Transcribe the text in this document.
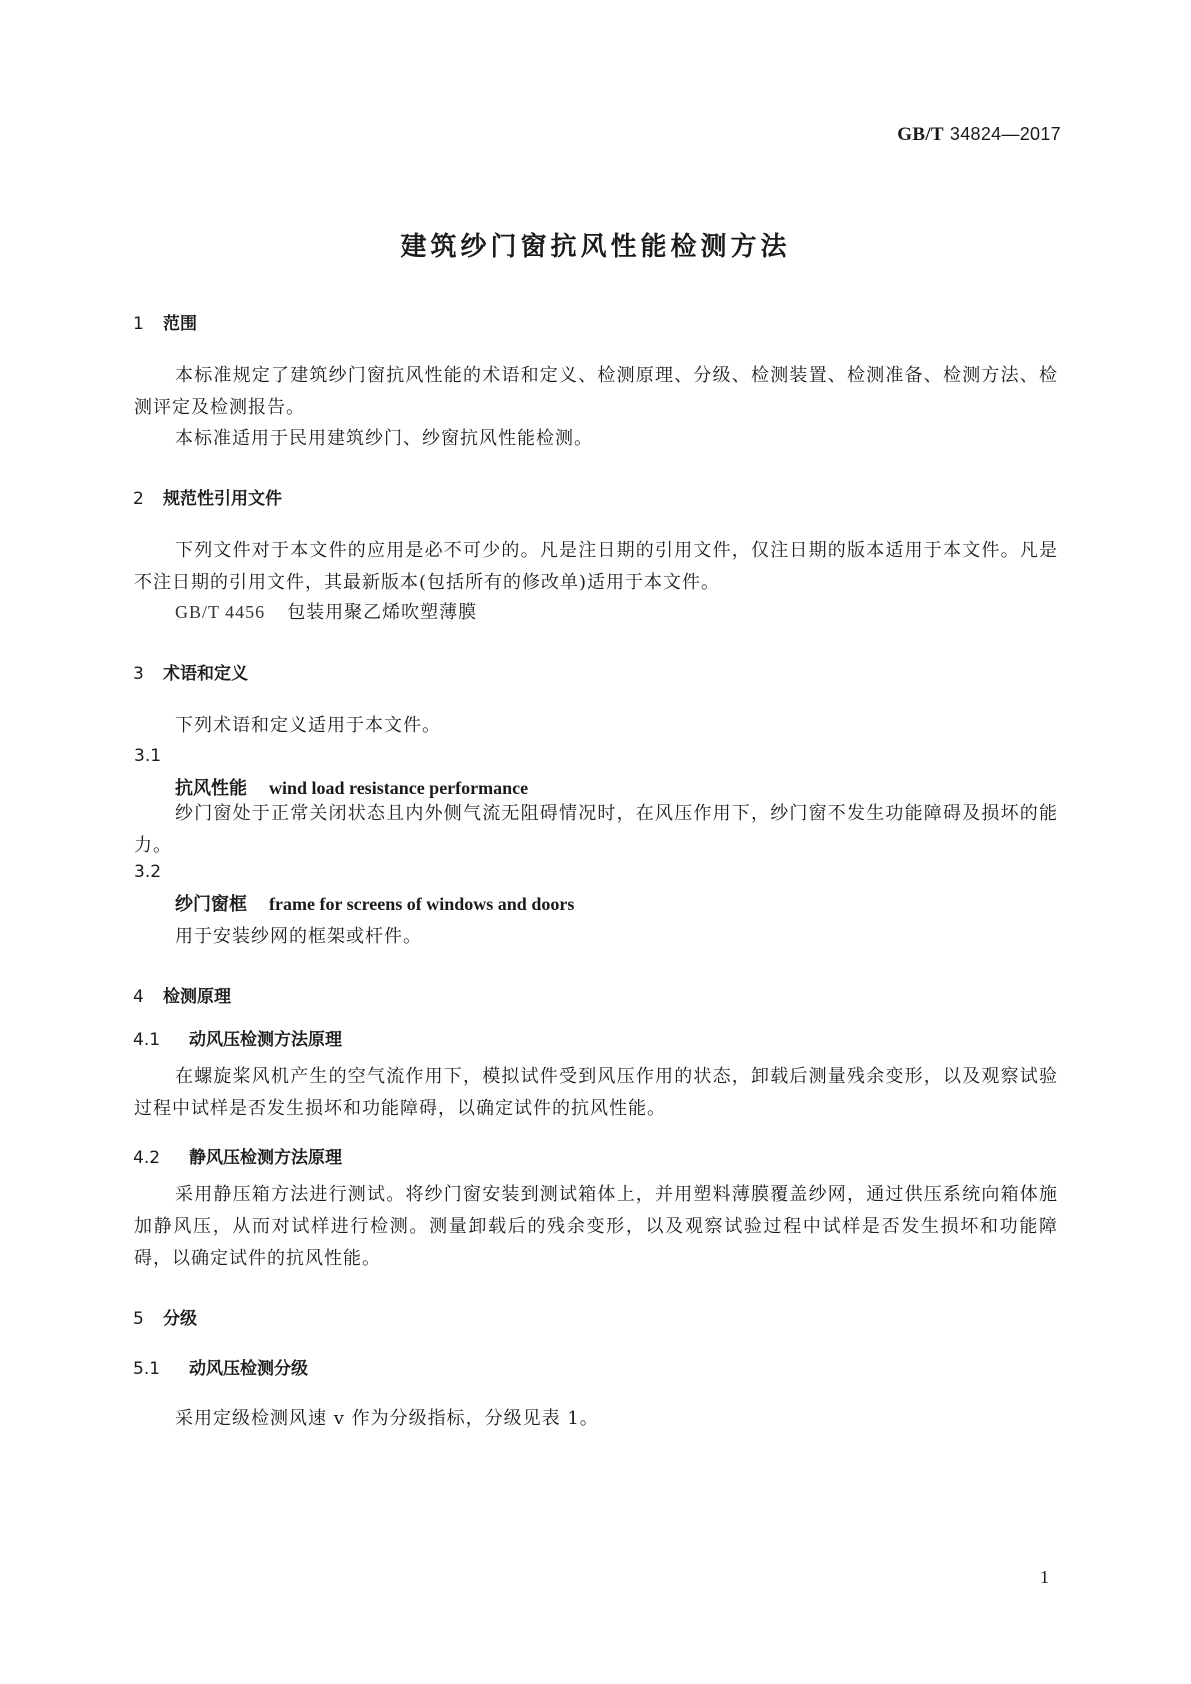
GB/T 34824—2017
建筑纱门窗抗风性能检测方法
1 范围
本标准规定了建筑纱门窗抗风性能的术语和定义、检测原理、分级、检测装置、检测准备、检测方法、检测评定及检测报告。
本标准适用于民用建筑纱门、纱窗抗风性能检测。
2 规范性引用文件
下列文件对于本文件的应用是必不可少的。凡是注日期的引用文件，仅注日期的版本适用于本文件。凡是不注日期的引用文件，其最新版本(包括所有的修改单)适用于本文件。
GB/T 4456 包装用聚乙烯吹塑薄膜
3 术语和定义
下列术语和定义适用于本文件。
3.1
抗风性能 wind load resistance performance
纱门窗处于正常关闭状态且内外侧气流无阻碍情况时，在风压作用下，纱门窗不发生功能障碍及损坏的能力。
3.2
纱门窗框 frame for screens of windows and doors
用于安装纱网的框架或杆件。
4 检测原理
4.1 动风压检测方法原理
在螺旋桨风机产生的空气流作用下，模拟试件受到风压作用的状态，卸载后测量残余变形，以及观察试验过程中试样是否发生损坏和功能障碍，以确定试件的抗风性能。
4.2 静风压检测方法原理
采用静压箱方法进行测试。将纱门窗安装到测试箱体上，并用塑料薄膜覆盖纱网，通过供压系统向箱体施加静风压，从而对试样进行检测。测量卸载后的残余变形，以及观察试验过程中试样是否发生损坏和功能障碍，以确定试件的抗风性能。
5 分级
5.1 动风压检测分级
采用定级检测风速 v 作为分级指标，分级见表 1。
1
